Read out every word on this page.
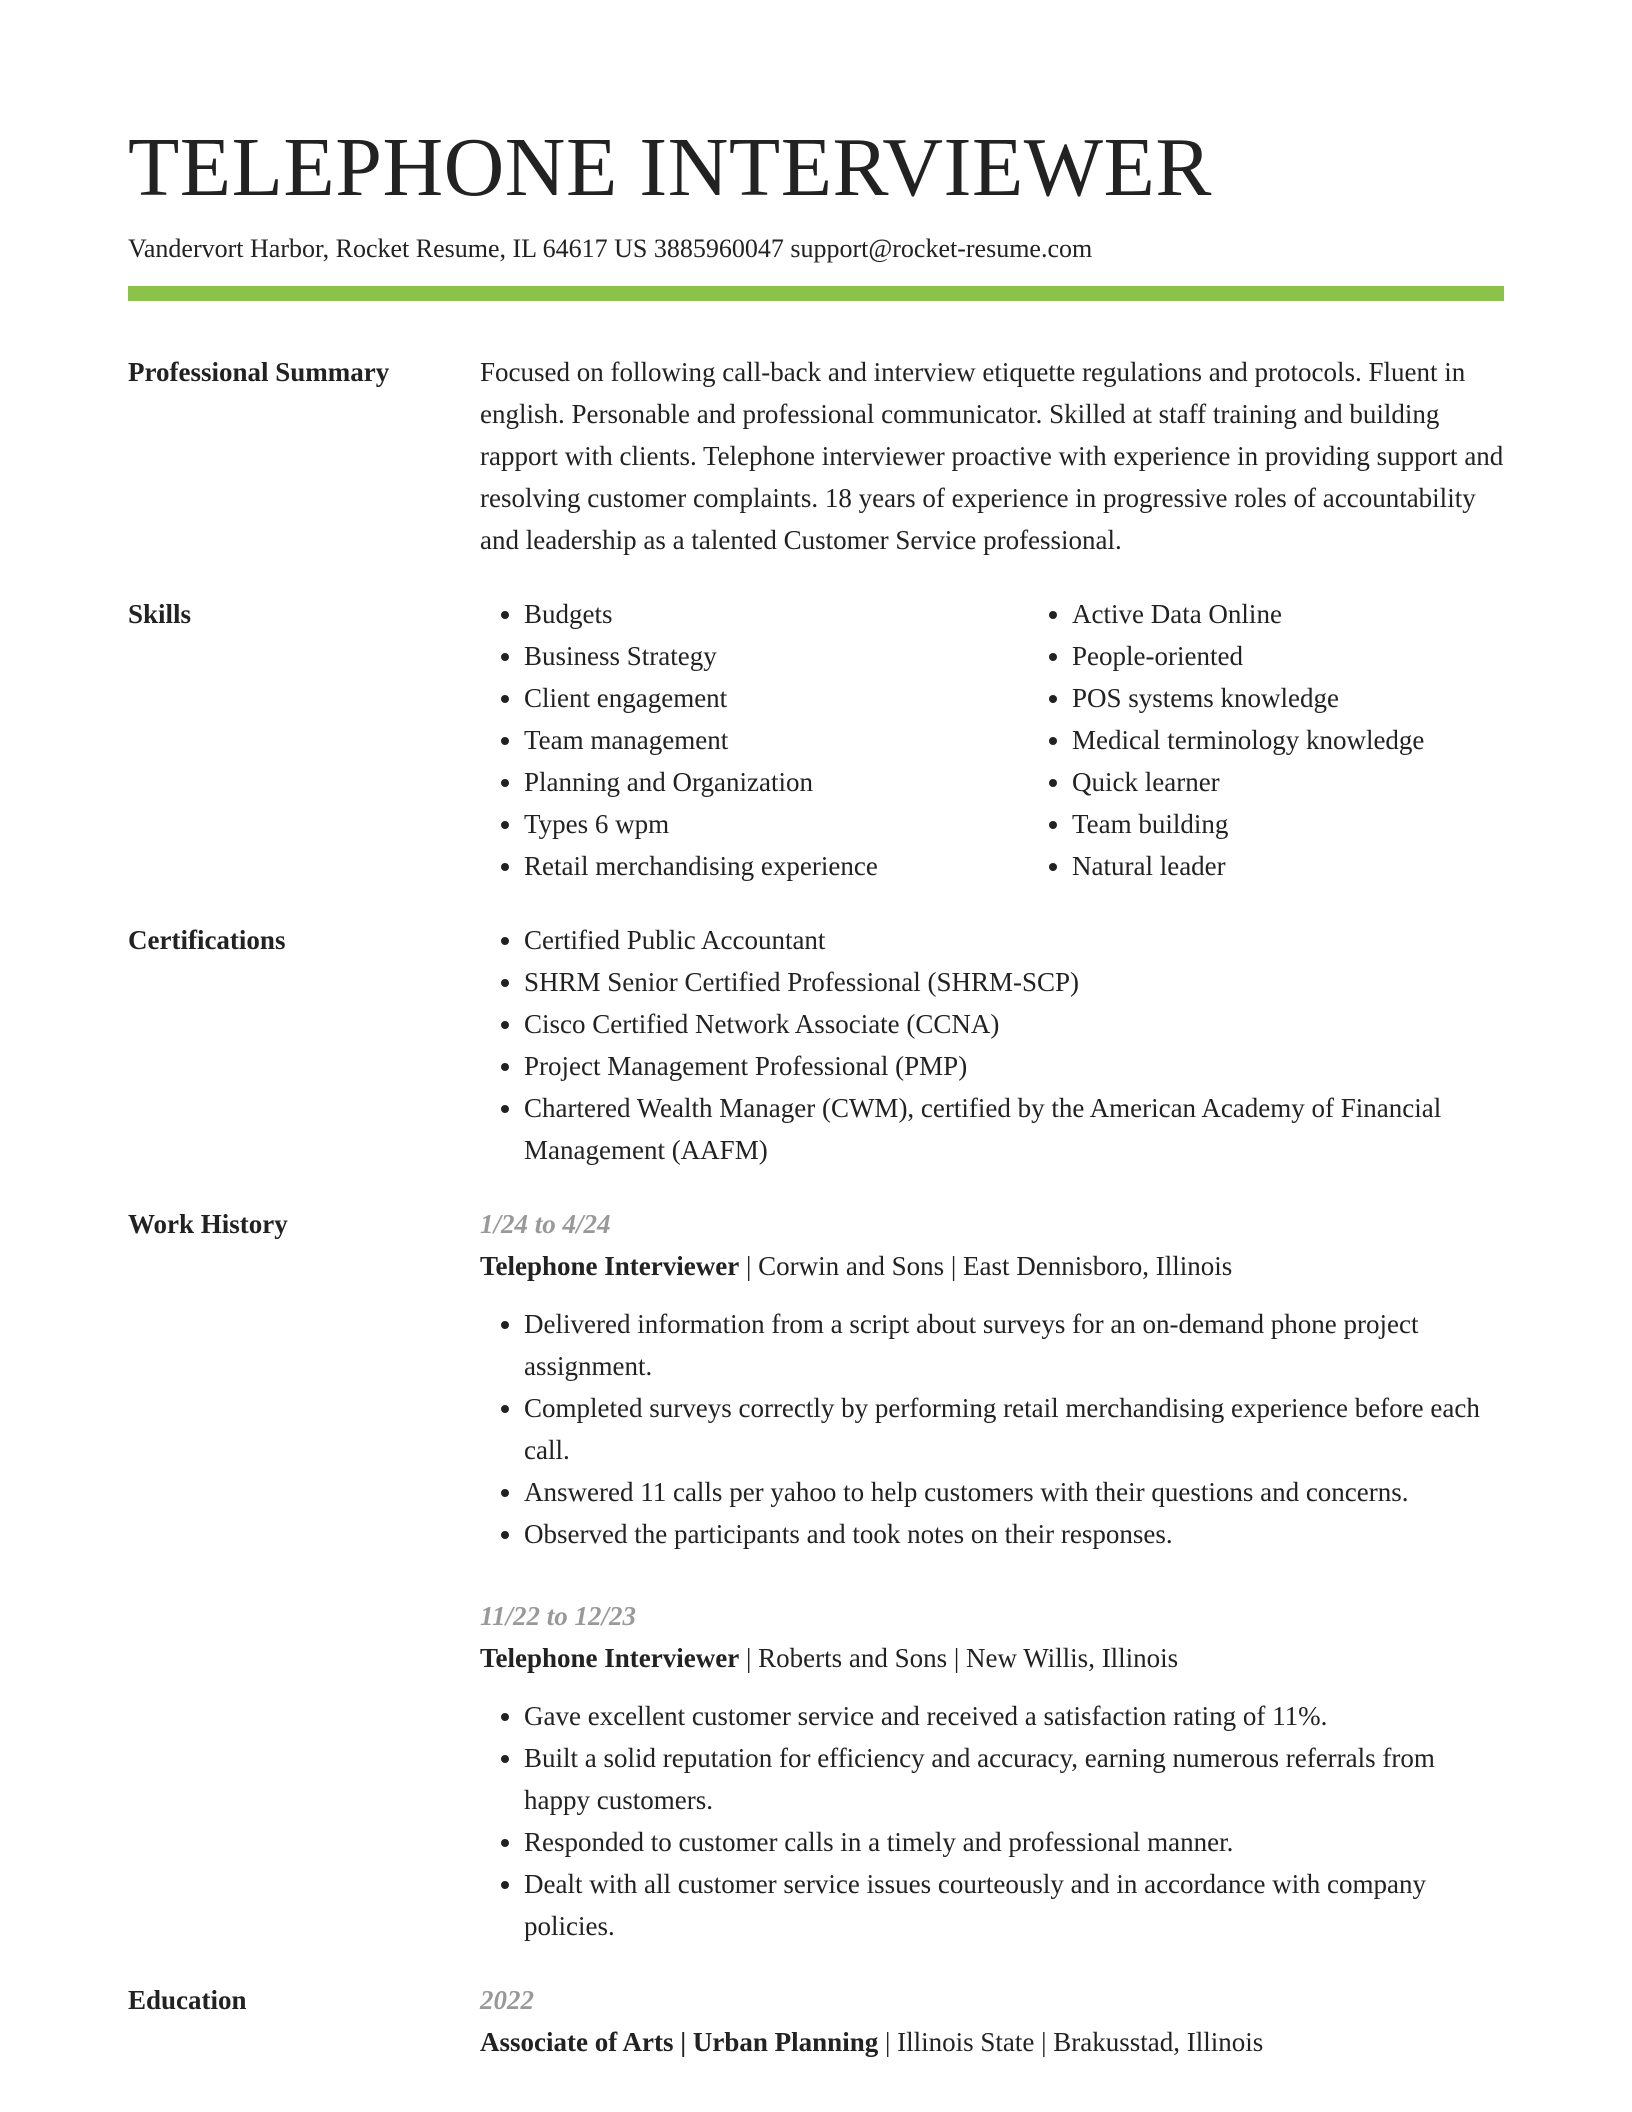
TELEPHONE INTERVIEWER
Vandervort Harbor, Rocket Resume, IL 64617 US 3885960047 support@rocket-resume.com
Professional Summary	Focused on following call-back and interview etiquette regulations and protocols. Fluent in english. Personable and professional communicator. Skilled at staff training and building rapport with clients. Telephone interviewer proactive with experience in providing support and resolving customer complaints. 18 years of experience in progressive roles of accountability and leadership as a talented Customer Service professional.
Skills	• Budgets
• Business Strategy
• Client engagement
• Team management
• Planning and Organization
• Types 6 wpm
• Retail merchandising experience
• Active Data Online
• People-oriented
• POS systems knowledge
• Medical terminology knowledge
• Quick learner
• Team building
• Natural leader
Certifications	• Certified Public Accountant
• SHRM Senior Certified Professional (SHRM-SCP)
• Cisco Certified Network Associate (CCNA)
• Project Management Professional (PMP)
• Chartered Wealth Manager (CWM), certified by the American Academy of Financial Management (AAFM)
Work History	1/24 to 4/24
Telephone Interviewer | Corwin and Sons | East Dennisboro, Illinois
• Delivered information from a script about surveys for an on-demand phone project assignment.
• Completed surveys correctly by performing retail merchandising experience before each call.
• Answered 11 calls per yahoo to help customers with their questions and concerns.
• Observed the participants and took notes on their responses.
11/22 to 12/23
Telephone Interviewer | Roberts and Sons | New Willis, Illinois
• Gave excellent customer service and received a satisfaction rating of 11%.
• Built a solid reputation for efficiency and accuracy, earning numerous referrals from happy customers.
• Responded to customer calls in a timely and professional manner.
• Dealt with all customer service issues courteously and in accordance with company policies.
Education	2022
Associate of Arts | Urban Planning | Illinois State | Brakusstad, Illinois
